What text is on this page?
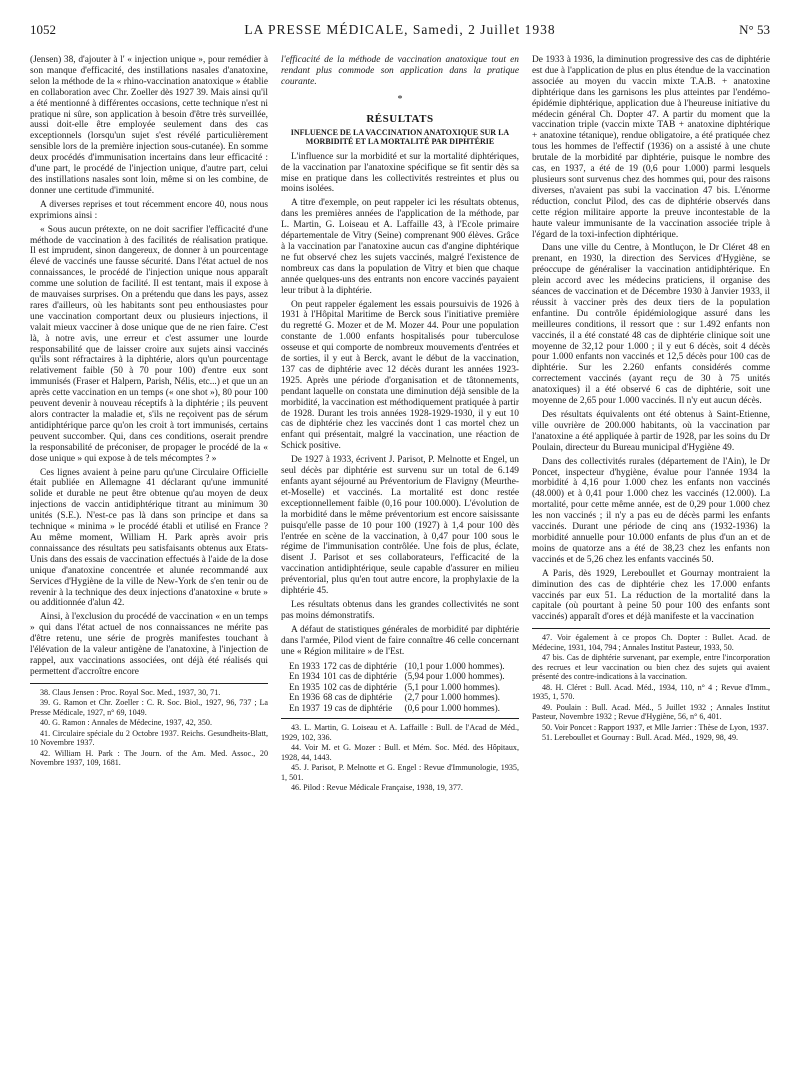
1052	LA PRESSE MÉDICALE, Samedi, 2 Juillet 1938	N° 53

(Jensen) 38, d'ajouter à l' « injection unique », pour remédier à son manque d'efficacité, des instillations nasales d'anatoxine, selon la méthode de la « rhino-vaccination anatoxique » établie en collaboration avec Chr. Zoeller dès 1927 39. Mais ainsi qu'il a été mentionné à différentes occasions, cette technique n'est ni pratique ni sûre, son application à besoin d'être très surveillée, aussi doit-elle être employée seulement dans des cas exceptionnels (lorsqu'un sujet s'est révélé particulièrement sensible lors de la première injection sous-cutanée). En somme deux procédés d'immunisation incertains dans leur efficacité : d'une part, le procédé de l'injection unique, d'autre part, celui des instillations nasales sont loin, même si on les combine, de donner une certitude d'immunité.

A diverses reprises et tout récemment encore 40, nous nous exprimions ainsi :

« Sous aucun prétexte, on ne doit sacrifier l'efficacité d'une méthode de vaccination à des facilités de réalisation pratique. Il est imprudent, sinon dangereux, de donner à un pourcentage élevé de vaccinés une fausse sécurité. Dans l'état actuel de nos connaissances, le procédé de l'injection unique nous apparaît comme une solution de facilité. Il est tentant, mais il expose à de mauvaises surprises. On a prétendu que dans les pays, assez rares d'ailleurs, où les habitants sont peu enthousiastes pour une vaccination comportant deux ou plusieurs injections, il valait mieux vacciner à dose unique que de ne rien faire. C'est là, à notre avis, une erreur et c'est assumer une lourde responsabilité que de laisser croire aux sujets ainsi vaccinés qu'ils sont réfractaires à la diphtérie, alors qu'un pourcentage relativement faible (50 à 70 pour 100) d'entre eux sont immunisés (Fraser et Halpern, Parish, Nélis, etc...) et que un an après cette vaccination en un temps (« one shot »), 80 pour 100 peuvent devenir à nouveau réceptifs à la diphtérie ; ils peuvent alors contracter la maladie et, s'ils ne reçoivent pas de sérum antidiphtérique parce qu'on les croit à tort immunisés, certains peuvent succomber. Qui, dans ces conditions, oserait prendre la responsabilité de préconiser, de propager le procédé de la « dose unique » qui expose à de tels mécomptes ? »

Ces lignes avaient à peine paru qu'une Circulaire Officielle était publiée en Allemagne 41 déclarant qu'une immunité solide et durable ne peut être obtenue qu'au moyen de deux injections de vaccin antidiphtérique titrant au minimum 30 unités (S.E.). N'est-ce pas là dans son principe et dans sa technique « minima » le procédé établi et utilisé en France ? Au même moment, William H. Park après avoir pris connaissance des résultats peu satisfaisants obtenus aux Etats-Unis dans des essais de vaccination effectués à l'aide de la dose unique d'anatoxine concentrée et alunée recommandé aux Services d'Hygiène de la ville de New-York de s'en tenir ou de revenir à la technique des deux injections d'anatoxine « brute » ou additionnée d'alun 42.

Ainsi, à l'exclusion du procédé de vaccination « en un temps » qui dans l'état actuel de nos connaissances ne mérite pas d'être retenu, une série de progrès manifestes touchant à l'élévation de la valeur antigène de l'anatoxine, à l'injection de rappel, aux vaccinations associées, ont déjà été réalisés qui permettent d'accroître encore

38. Claus Jensen : Proc. Royal Soc. Med., 1937, 30, 71.

39. G. Ramon et Chr. Zoeller : C. R. Soc. Biol., 1927, 96, 737 ; La Presse Médicale, 1927, n° 69, 1049.

40. G. Ramon : Annales de Médecine, 1937, 42, 350.

41. Circulaire spéciale du 2 Octobre 1937. Reichs. Gesundheits-Blatt, 10 Novembre 1937.

42. William H. Park : The Journ. of the Am. Med. Assoc., 20 Novembre 1937, 109, 1681.

l'efficacité de la méthode de vaccination anatoxique tout en rendant plus commode son application dans la pratique courante.

*
RÉSULTATS
INFLUENCE DE LA VACCINATION ANATOXIQUE SUR LA MORBIDITÉ ET LA MORTALITÉ PAR DIPHTÉRIE

L'influence sur la morbidité et sur la mortalité diphtériques, de la vaccination par l'anatoxine spécifique se fit sentir dès sa mise en pratique dans les collectivités restreintes et plus ou moins isolées.

A titre d'exemple, on peut rappeler ici les résultats obtenus, dans les premières années de l'application de la méthode, par L. Martin, G. Loiseau et A. Laffaille 43, à l'Ecole primaire départementale de Vitry (Seine) comprenant 900 élèves. Grâce à la vaccination par l'anatoxine aucun cas d'angine diphtérique ne fut observé chez les sujets vaccinés, malgré l'existence de nombreux cas dans la population de Vitry et bien que chaque année quelques-uns des entrants non encore vaccinés payaient leur tribut à la diphtérie.

On peut rappeler également les essais poursuivis de 1926 à 1931 à l'Hôpital Maritime de Berck sous l'initiative première du regretté G. Mozer et de M. Mozer 44. Pour une population constante de 1.000 enfants hospitalisés pour tuberculose osseuse et qui comporte de nombreux mouvements d'entrées et de sorties, il y eut à Berck, avant le début de la vaccination, 137 cas de diphtérie avec 12 décès durant les années 1923-1925. Après une période d'organisation et de tâtonnements, pendant laquelle on constata une diminution déjà sensible de la morbidité, la vaccination est méthodiquement pratiquée à partir de 1928. Durant les trois années 1928-1929-1930, il y eut 10 cas de diphtérie chez les vaccinés dont 1 cas mortel chez un enfant qui présentait, malgré la vaccination, une réaction de Schick positive.

De 1927 à 1933, écrivent J. Parisot, P. Melnotte et Engel, un seul décès par diphtérie est survenu sur un total de 6.149 enfants ayant séjourné au Préventorium de Flavigny (Meurthe-et-Moselle) et vaccinés. La mortalité est donc restée exceptionnellement faible (0,16 pour 100.000). L'évolution de la morbidité dans le même préventorium est encore saisissante puisqu'elle passe de 10 pour 100 (1927) à 1,4 pour 100 dès l'entrée en scène de la vaccination, à 0,47 pour 100 sous le régime de l'immunisation contrôlée. Une fois de plus, éclate, disent J. Parisot et ses collaborateurs, l'efficacité de la vaccination antidiphtérique, seule capable d'assurer en milieu préventorial, plus qu'en tout autre encore, la prophylaxie de la diphtérie 45.

Les résultats obtenus dans les grandes collectivités ne sont pas moins démonstratifs.

A défaut de statistiques générales de morbidité par diphtérie dans l'armée, Pilod vient de faire connaître 46 celle concernant une « Région militaire » de l'Est.

En 1933	172 cas de diphtérie	(10,1 pour 1.000 hommes).
En 1934	101 cas de diphtérie	(5,94 pour 1.000 hommes).
En 1935	102 cas de diphtérie	(5,1 pour 1.000 hommes).
En 1936	68 cas de diphtérie	(2,7 pour 1.000 hommes).
En 1937	19 cas de diphtérie	(0,6 pour 1.000 hommes).

43. L. Martin, G. Loiseau et A. Laffaille : Bull. de l'Acad de Méd., 1929, 102, 336.

44. Voir M. et G. Mozer : Bull. et Mém. Soc. Méd. des Hôpitaux, 1928, 44, 1443.

45. J. Parisot, P. Melnotte et G. Engel : Revue d'Immunologie, 1935, 1, 501.

46. Pilod : Revue Médicale Française, 1938, 19, 377.

De 1933 à 1936, la diminution progressive des cas de diphtérie est due à l'application de plus en plus étendue de la vaccination associée au moyen du vaccin mixte T.A.B. + anatoxine diphtérique dans les garnisons les plus atteintes par l'endémo-épidémie diphtérique, application due à l'heureuse initiative du médecin général Ch. Dopter 47. A partir du moment que la vaccination triple (vaccin mixte TAB + anatoxine diphtérique + anatoxine tétanique), rendue obligatoire, a été pratiquée chez tous les hommes de l'effectif (1936) on a assisté à une chute brutale de la morbidité par diphtérie, puisque le nombre des cas, en 1937, a été de 19 (0,6 pour 1.000) parmi lesquels plusieurs sont survenus chez des hommes qui, pour des raisons diverses, n'avaient pas subi la vaccination 47 bis. L'énorme réduction, conclut Pilod, des cas de diphtérie observés dans cette région militaire apporte la preuve incontestable de la haute valeur immunisante de la vaccination associée triple à l'égard de la toxi-infection diphtérique.

Dans une ville du Centre, à Montluçon, le Dr Cléret 48 en prenant, en 1930, la direction des Services d'Hygiène, se préoccupe de généraliser la vaccination antidiphtérique. En plein accord avec les médecins praticiens, il organise des séances de vaccination et de Décembre 1930 à Janvier 1933, il réussit à vacciner près des deux tiers de la population enfantine. Du contrôle épidémiologique assuré dans les meilleures conditions, il ressort que : sur 1.492 enfants non vaccinés, il a été constaté 48 cas de diphtérie clinique soit une moyenne de 32,12 pour 1.000 ; il y eut 6 décès, soit 4 décès pour 1.000 enfants non vaccinés et 12,5 décès pour 100 cas de diphtérie. Sur les 2.260 enfants considérés comme correctement vaccinés (ayant reçu de 30 à 75 unités anatoxiques) il a été observé 6 cas de diphtérie, soit une moyenne de 2,65 pour 1.000 vaccinés. Il n'y eut aucun décès.

Des résultats équivalents ont été obtenus à Saint-Etienne, ville ouvrière de 200.000 habitants, où la vaccination par l'anatoxine a été appliquée à partir de 1928, par les soins du Dr Poulain, directeur du Bureau municipal d'Hygiène 49.

Dans des collectivités rurales (département de l'Ain), le Dr Poncet, inspecteur d'hygiène, évalue pour l'année 1934 la morbidité à 4,16 pour 1.000 chez les enfants non vaccinés (48.000) et à 0,41 pour 1.000 chez les vaccinés (12.000). La mortalité, pour cette même année, est de 0,29 pour 1.000 chez les non vaccinés ; il n'y a pas eu de décès parmi les enfants vaccinés. Durant une période de cinq ans (1932-1936) la morbidité annuelle pour 10.000 enfants de plus d'un an et de moins de quatorze ans a été de 38,23 chez les enfants non vaccinés et de 5,26 chez les enfants vaccinés 50.

A Paris, dès 1929, Lereboullet et Gournay montraient la diminution des cas de diphtérie chez les 17.000 enfants vaccinés par eux 51. La réduction de la mortalité dans la capitale (où pourtant à peine 50 pour 100 des enfants sont vaccinés) apparaît d'ores et déjà manifeste et la vaccination

47. Voir également à ce propos Ch. Dopter : Bullet. Acad. de Médecine, 1931, 104, 794 ; Annales Institut Pasteur, 1933, 50.

47 bis. Cas de diphtérie survenant, par exemple, entre l'incorporation des recrues et leur vaccination ou bien chez des sujets qui avaient présenté des contre-indications à la vaccination.

48. H. Cléret : Bull. Acad. Méd., 1934, 110, n° 4 ; Revue d'Imm., 1935, 1, 570.

49. Poulain : Bull. Acad. Méd., 5 Juillet 1932 ; Annales Institut Pasteur, Novembre 1932 ; Revue d'Hygiène, 56, n° 6, 401.

50. Voir Poncet : Rapport 1937, et Mlle Jarrier : Thèse de Lyon, 1937.

51. Lereboullet et Gournay : Bull. Acad. Méd., 1929, 98, 49.
